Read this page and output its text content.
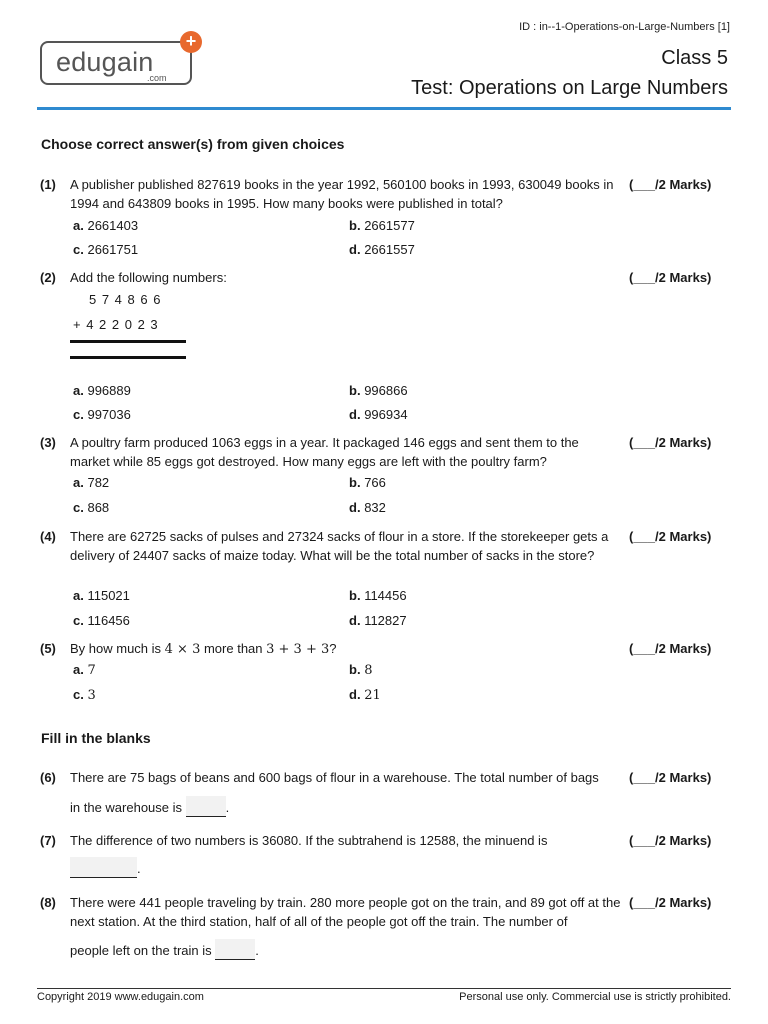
ID : in--1-Operations-on-Large-Numbers [1]
edugain
.com
+
Class 5
Test: Operations on Large Numbers
Choose correct answer(s) from given choices
(1) A publisher published 827619 books in the year 1992, 560100 books in 1993, 630049 books in 1994 and 643809 books in 1995. How many books were published in total?
(___/2 Marks)
a. 2661403	b. 2661577
c. 2661751	d. 2661557
(2) Add the following numbers:	(___/2 Marks)
5 7 4 8 6 6
+ 4 2 2 0 2 3
a. 996889	b. 996866
c. 997036	d. 996934
(3) A poultry farm produced 1063 eggs in a year. It packaged 146 eggs and sent them to the market while 85 eggs got destroyed. How many eggs are left with the poultry farm?
(___/2 Marks)
a. 782	b. 766
c. 868	d. 832
(4) There are 62725 sacks of pulses and 27324 sacks of flour in a store. If the storekeeper gets a delivery of 24407 sacks of maize today. What will be the total number of sacks in the store?
(___/2 Marks)
a. 115021	b. 114456
c. 116456	d. 112827
(5) By how much is 4 × 3 more than 3 + 3 + 3?	(___/2 Marks)
a. 7	b. 8
c. 3	d. 21
Fill in the blanks
(6) There are 75 bags of beans and 600 bags of flour in a warehouse. The total number of bags	(___/2 Marks)
in the warehouse is	.
(7) The difference of two numbers is 36080. If the subtrahend is 12588, the minuend is	(___/2 Marks)
.
(8) There were 441 people traveling by train. 280 more people got on the train, and 89 got off at the next station. At the third station, half of all of the people got off the train. The number of
(___/2 Marks)
people left on the train is	.
Copyright 2019 www.edugain.com	Personal use only. Commercial use is strictly prohibited.
